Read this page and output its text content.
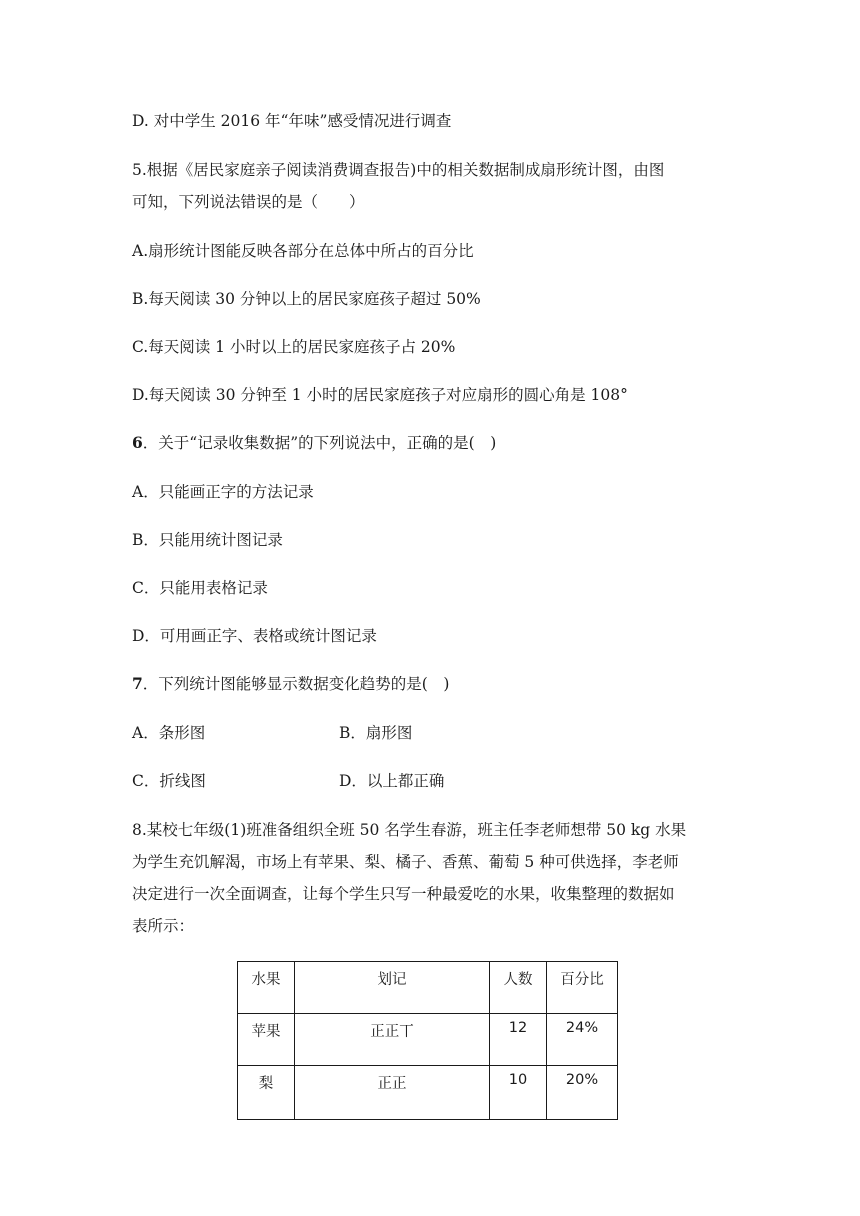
D. 对中学生 2016 年“年味”感受情况进行调查
5.根据《居民家庭亲子阅读消费调查报告)中的相关数据制成扇形统计图，由图
可知，下列说法错误的是（　　）
A.扇形统计图能反映各部分在总体中所占的百分比
B.每天阅读 30 分钟以上的居民家庭孩子超过 50%
C.每天阅读 1 小时以上的居民家庭孩子占 20%
D.每天阅读 30 分钟至 1 小时的居民家庭孩子对应扇形的圆心角是 108°
6．关于“记录收集数据”的下列说法中，正确的是(　)
A．只能画正字的方法记录
B．只能用统计图记录
C．只能用表格记录
D．可用画正字、表格或统计图记录
7．下列统计图能够显示数据变化趋势的是(　)
A．条形图	B．扇形图
C．折线图	D．以上都正确
8.某校七年级(1)班准备组织全班 50 名学生春游，班主任李老师想带 50 kg 水果
为学生充饥解渴，市场上有苹果、梨、橘子、香蕉、葡萄 5 种可供选择，李老师
决定进行一次全面调查，让每个学生只写一种最爱吃的水果，收集整理的数据如
表所示：
水果	划记	人数	百分比
苹果	正正丅	12	24%
梨	正正	10	20%
